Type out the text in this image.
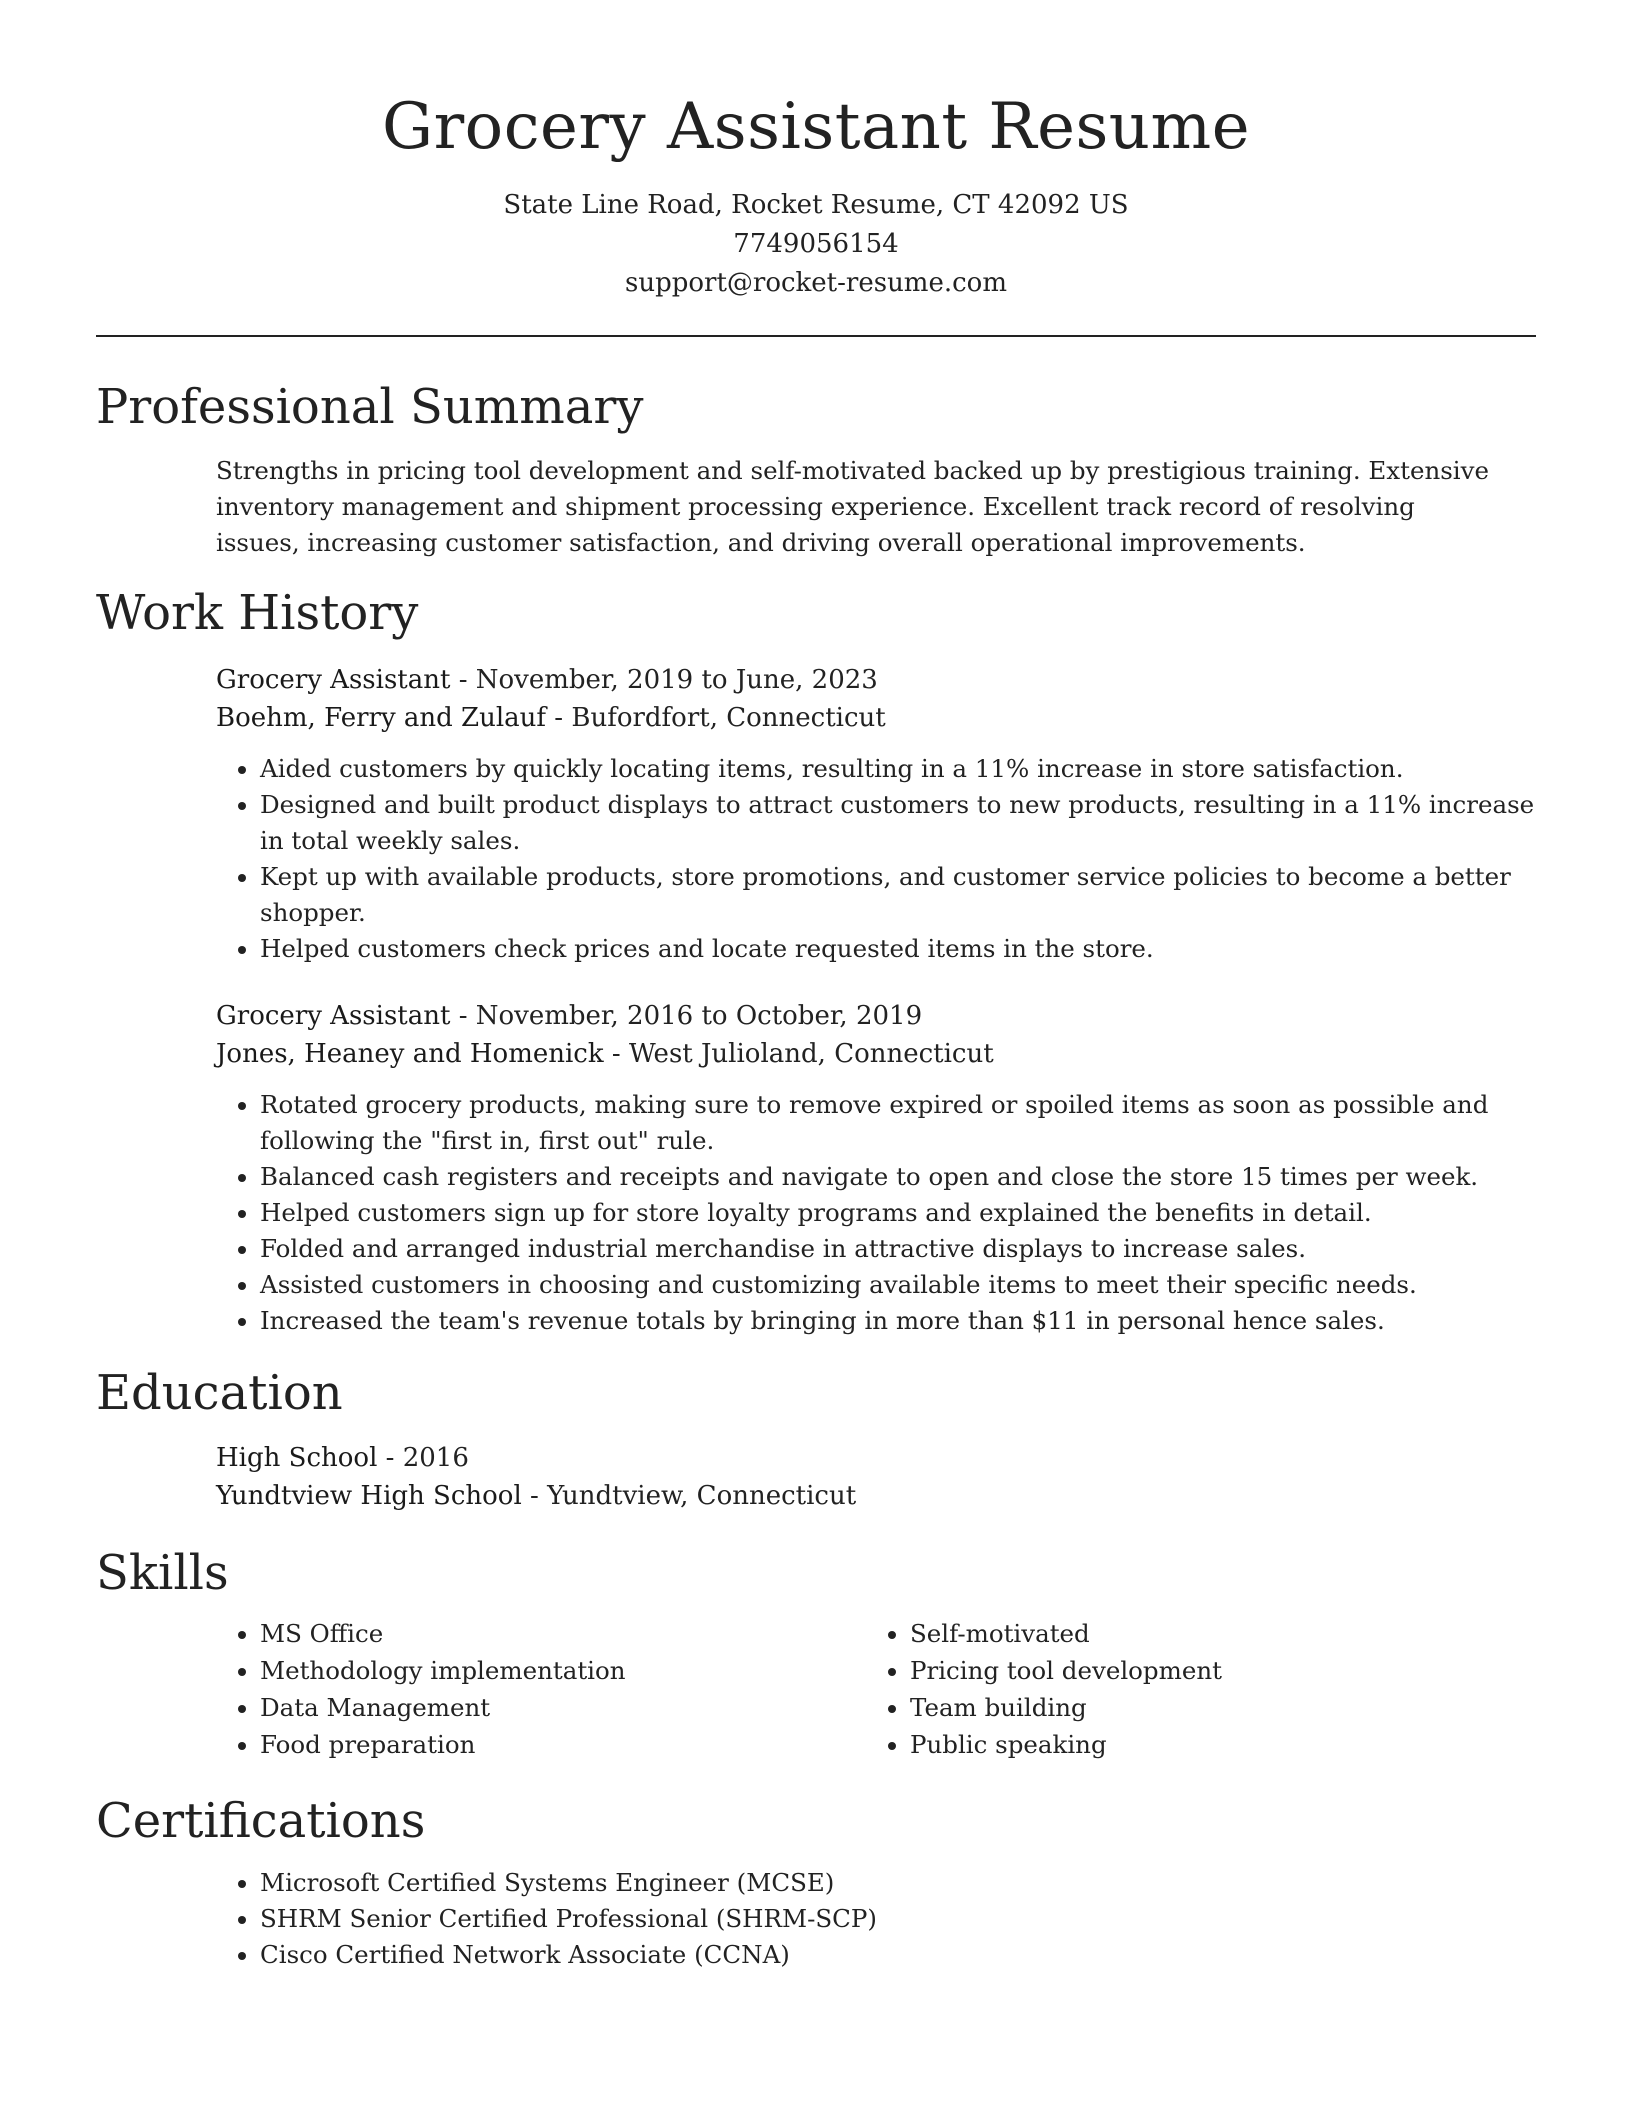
Grocery Assistant Resume
State Line Road, Rocket Resume, CT 42092 US
7749056154
support@rocket-resume.com
Professional Summary

Strengths in pricing tool development and self-motivated backed up by prestigious training. Extensive inventory management and shipment processing experience. Excellent track record of resolving issues, increasing customer satisfaction, and driving overall operational improvements.

Work History
Grocery Assistant - November, 2019 to June, 2023
Boehm, Ferry and Zulauf - Bufordfort, Connecticut
• Aided customers by quickly locating items, resulting in a 11% increase in store satisfaction.
• Designed and built product displays to attract customers to new products, resulting in a 11% increase in total weekly sales.
• Kept up with available products, store promotions, and customer service policies to become a better shopper.
• Helped customers check prices and locate requested items in the store.
Grocery Assistant - November, 2016 to October, 2019
Jones, Heaney and Homenick - West Julioland, Connecticut
• Rotated grocery products, making sure to remove expired or spoiled items as soon as possible and following the "first in, first out" rule.
• Balanced cash registers and receipts and navigate to open and close the store 15 times per week.
• Helped customers sign up for store loyalty programs and explained the benefits in detail.
• Folded and arranged industrial merchandise in attractive displays to increase sales.
• Assisted customers in choosing and customizing available items to meet their specific needs.
• Increased the team's revenue totals by bringing in more than $11 in personal hence sales.
Education
High School - 2016
Yundtview High School - Yundtview, Connecticut
Skills
• MS Office
• Methodology implementation
• Data Management
• Food preparation
• Self-motivated
• Pricing tool development
• Team building
• Public speaking
Certifications
• Microsoft Certified Systems Engineer (MCSE)
• SHRM Senior Certified Professional (SHRM-SCP)
• Cisco Certified Network Associate (CCNA)
